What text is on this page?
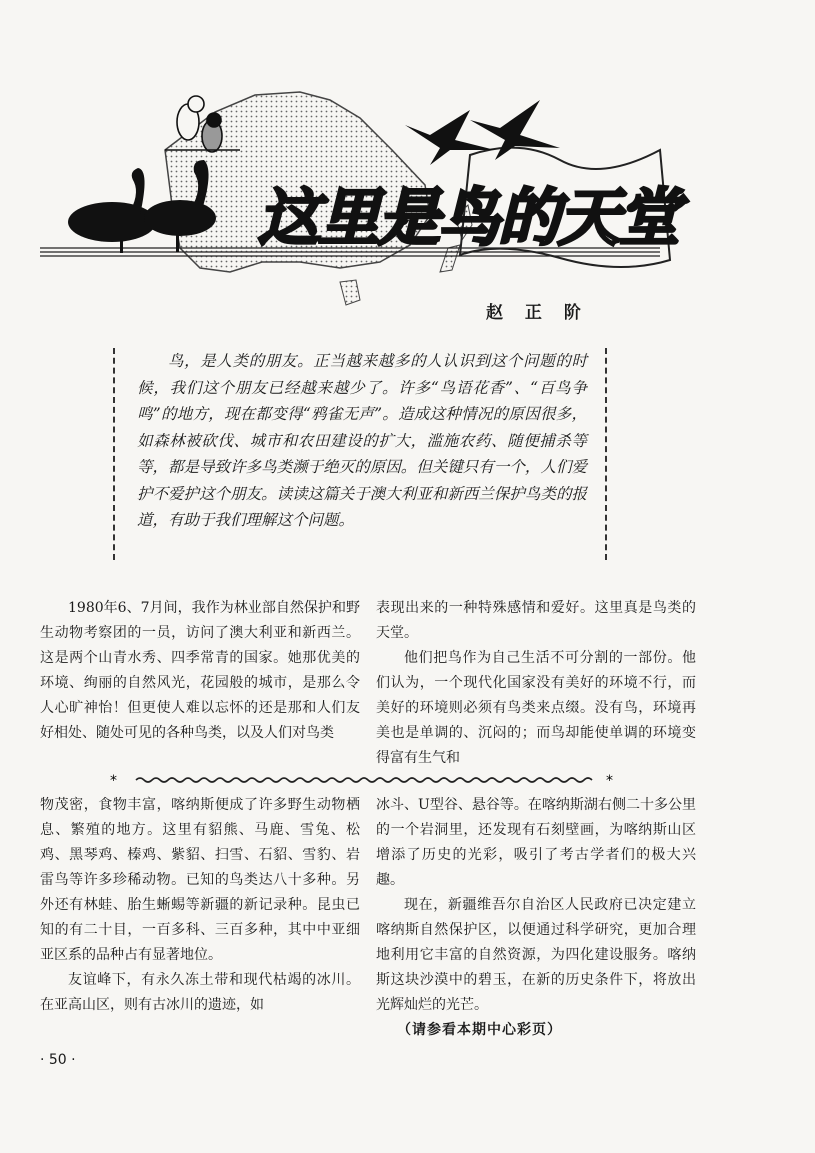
这里是鸟的天堂
赵 正 阶

鸟，是人类的朋友。正当越来越多的人认识到这个问题的时候，我们这个朋友已经越来越少了。许多“鸟语花香”、“百鸟争鸣”的地方，现在都变得“鸦雀无声”。造成这种情况的原因很多，如森林被砍伐、城市和农田建设的扩大，滥施农药、随便捕杀等等，都是导致许多鸟类濒于绝灭的原因。但关键只有一个，人们爱护不爱护这个朋友。读读这篇关于澳大利亚和新西兰保护鸟类的报道，有助于我们理解这个问题。

1980年6、7月间，我作为林业部自然保护和野生动物考察团的一员，访问了澳大利亚和新西兰。这是两个山青水秀、四季常青的国家。她那优美的环境、绚丽的自然风光，花园般的城市，是那么令人心旷神怡！但更使人难以忘怀的还是那和人们友好相处、随处可见的各种鸟类，以及人们对鸟类

表现出来的一种特殊感情和爱好。这里真是鸟类的天堂。

他们把鸟作为自己生活不可分割的一部份。他们认为，一个现代化国家没有美好的环境不行，而美好的环境则必须有鸟类来点缀。没有鸟，环境再美也是单调的、沉闷的；而鸟却能使单调的环境变得富有生气和

*	*

物茂密，食物丰富，喀纳斯便成了许多野生动物栖息、繁殖的地方。这里有貂熊、马鹿、雪兔、松鸡、黑琴鸡、榛鸡、紫貂、扫雪、石貂、雪豹、岩雷鸟等许多珍稀动物。已知的鸟类达八十多种。另外还有林蛙、胎生蜥蜴等新疆的新记录种。昆虫已知的有二十目，一百多科、三百多种，其中中亚细亚区系的品种占有显著地位。

友谊峰下，有永久冻土带和现代枯竭的冰川。在亚高山区，则有古冰川的遗迹，如

冰斗、U型谷、悬谷等。在喀纳斯湖右侧二十多公里的一个岩洞里，还发现有石刻壁画，为喀纳斯山区增添了历史的光彩，吸引了考古学者们的极大兴趣。

现在，新疆维吾尔自治区人民政府已决定建立喀纳斯自然保护区，以便通过科学研究，更加合理地利用它丰富的自然资源，为四化建设服务。喀纳斯这块沙漠中的碧玉，在新的历史条件下，将放出光辉灿烂的光芒。

（请参看本期中心彩页）

· 50 ·
